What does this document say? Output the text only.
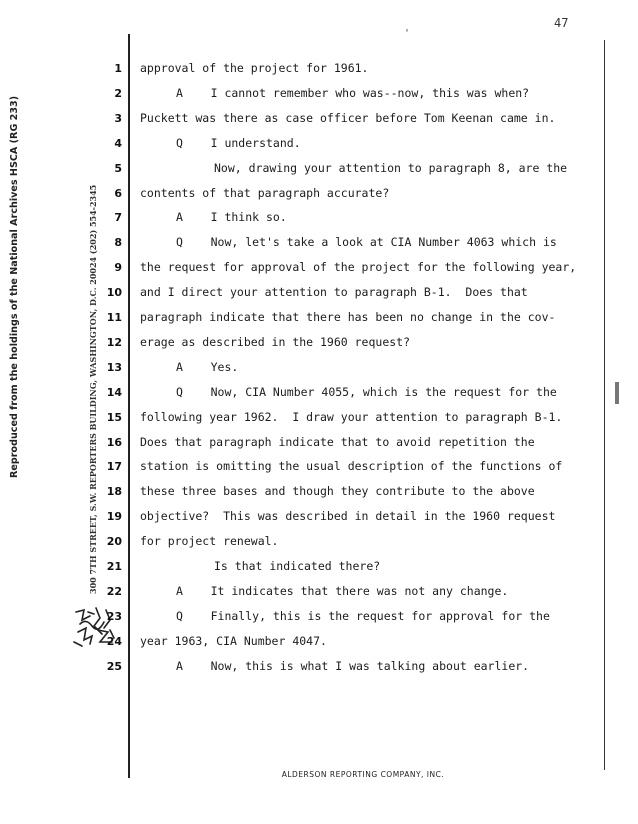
47
'
Reproduced from the holdings of the National Archives HSCA (RG 233)	300 7TH STREET, S.W. REPORTERS BUILDING, WASHINGTON, D.C. 20024 (202) 554-2345
1 approval of the project for 1961.
2	A    I cannot remember who was--now, this was when?
3 Puckett was there as case officer before Tom Keenan came in.
4	Q    I understand.
5	Now, drawing your attention to paragraph 8, are the
6 contents of that paragraph accurate?
7	A    I think so.
8	Q    Now, let's take a look at CIA Number 4063 which is
9 the request for approval of the project for the following year,
10 and I direct your attention to paragraph B-1.  Does that
11 paragraph indicate that there has been no change in the cov-
12 erage as described in the 1960 request?
13	A    Yes.
14	Q    Now, CIA Number 4055, which is the request for the
15 following year 1962.  I draw your attention to paragraph B-1.
16 Does that paragraph indicate that to avoid repetition the
17 station is omitting the usual description of the functions of
18 these three bases and though they contribute to the above
19 objective?  This was described in detail in the 1960 request
20 for project renewal.
21	Is that indicated there?
22	A    It indicates that there was not any change.
23	Q    Finally, this is the request for approval for the
24 year 1963, CIA Number 4047.
25	A    Now, this is what I was talking about earlier.
ALDERSON REPORTING COMPANY, INC.
